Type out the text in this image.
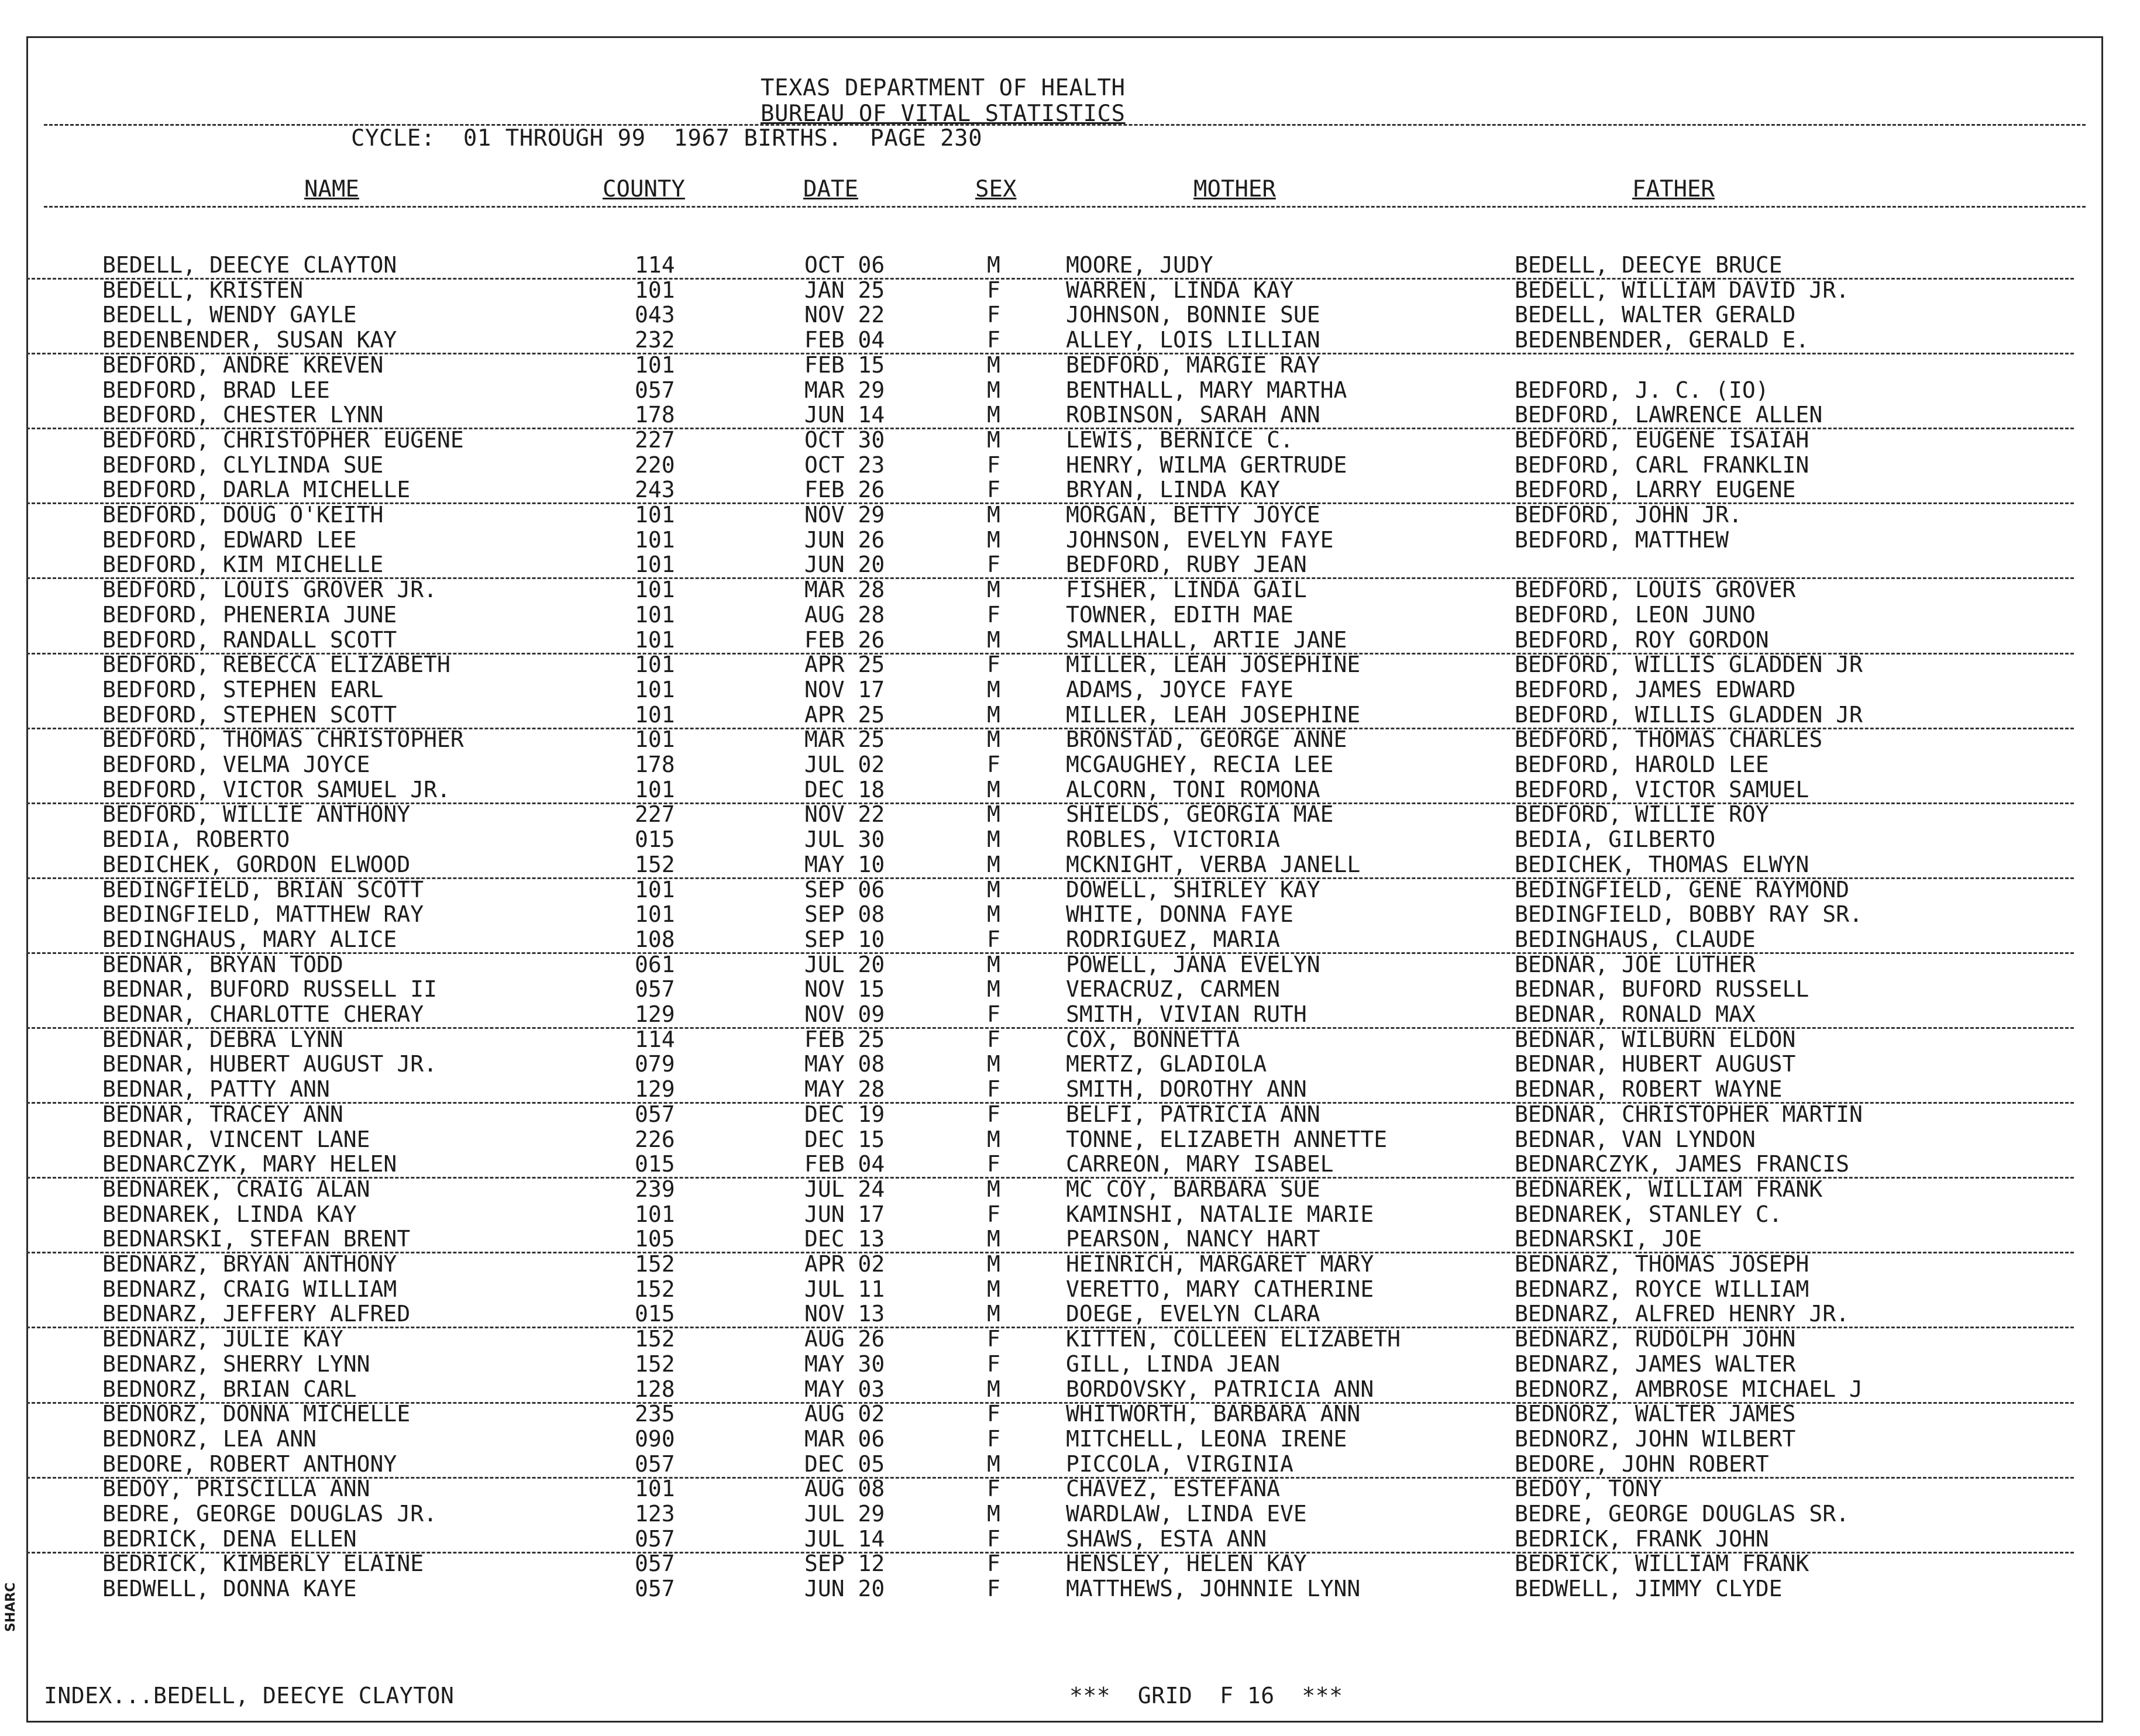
TEXAS DEPARTMENT OF HEALTH
BUREAU OF VITAL STATISTICS
CYCLE:  01 THROUGH 99  1967 BIRTHS.  PAGE 230
NAME	COUNTY	DATE	SEX	MOTHER	FATHER
BEDELL, DEECYE CLAYTON	114	OCT 06	M	MOORE, JUDY	BEDELL, DEECYE BRUCE
BEDELL, KRISTEN	101	JAN 25	F	WARREN, LINDA KAY	BEDELL, WILLIAM DAVID JR.
BEDELL, WENDY GAYLE	043	NOV 22	F	JOHNSON, BONNIE SUE	BEDELL, WALTER GERALD
BEDENBENDER, SUSAN KAY	232	FEB 04	F	ALLEY, LOIS LILLIAN	BEDENBENDER, GERALD E.
BEDFORD, ANDRE KREVEN	101	FEB 15	M	BEDFORD, MARGIE RAY
BEDFORD, BRAD LEE	057	MAR 29	M	BENTHALL, MARY MARTHA	BEDFORD, J. C. (IO)
BEDFORD, CHESTER LYNN	178	JUN 14	M	ROBINSON, SARAH ANN	BEDFORD, LAWRENCE ALLEN
BEDFORD, CHRISTOPHER EUGENE	227	OCT 30	M	LEWIS, BERNICE C.	BEDFORD, EUGENE ISAIAH
BEDFORD, CLYLINDA SUE	220	OCT 23	F	HENRY, WILMA GERTRUDE	BEDFORD, CARL FRANKLIN
BEDFORD, DARLA MICHELLE	243	FEB 26	F	BRYAN, LINDA KAY	BEDFORD, LARRY EUGENE
BEDFORD, DOUG O'KEITH	101	NOV 29	M	MORGAN, BETTY JOYCE	BEDFORD, JOHN JR.
BEDFORD, EDWARD LEE	101	JUN 26	M	JOHNSON, EVELYN FAYE	BEDFORD, MATTHEW
BEDFORD, KIM MICHELLE	101	JUN 20	F	BEDFORD, RUBY JEAN
BEDFORD, LOUIS GROVER JR.	101	MAR 28	M	FISHER, LINDA GAIL	BEDFORD, LOUIS GROVER
BEDFORD, PHENERIA JUNE	101	AUG 28	F	TOWNER, EDITH MAE	BEDFORD, LEON JUNO
BEDFORD, RANDALL SCOTT	101	FEB 26	M	SMALLHALL, ARTIE JANE	BEDFORD, ROY GORDON
BEDFORD, REBECCA ELIZABETH	101	APR 25	F	MILLER, LEAH JOSEPHINE	BEDFORD, WILLIS GLADDEN JR
BEDFORD, STEPHEN EARL	101	NOV 17	M	ADAMS, JOYCE FAYE	BEDFORD, JAMES EDWARD
BEDFORD, STEPHEN SCOTT	101	APR 25	M	MILLER, LEAH JOSEPHINE	BEDFORD, WILLIS GLADDEN JR
BEDFORD, THOMAS CHRISTOPHER	101	MAR 25	M	BRONSTAD, GEORGE ANNE	BEDFORD, THOMAS CHARLES
BEDFORD, VELMA JOYCE	178	JUL 02	F	MCGAUGHEY, RECIA LEE	BEDFORD, HAROLD LEE
BEDFORD, VICTOR SAMUEL JR.	101	DEC 18	M	ALCORN, TONI ROMONA	BEDFORD, VICTOR SAMUEL
BEDFORD, WILLIE ANTHONY	227	NOV 22	M	SHIELDS, GEORGIA MAE	BEDFORD, WILLIE ROY
BEDIA, ROBERTO	015	JUL 30	M	ROBLES, VICTORIA	BEDIA, GILBERTO
BEDICHEK, GORDON ELWOOD	152	MAY 10	M	MCKNIGHT, VERBA JANELL	BEDICHEK, THOMAS ELWYN
BEDINGFIELD, BRIAN SCOTT	101	SEP 06	M	DOWELL, SHIRLEY KAY	BEDINGFIELD, GENE RAYMOND
BEDINGFIELD, MATTHEW RAY	101	SEP 08	M	WHITE, DONNA FAYE	BEDINGFIELD, BOBBY RAY SR.
BEDINGHAUS, MARY ALICE	108	SEP 10	F	RODRIGUEZ, MARIA	BEDINGHAUS, CLAUDE
BEDNAR, BRYAN TODD	061	JUL 20	M	POWELL, JANA EVELYN	BEDNAR, JOE LUTHER
BEDNAR, BUFORD RUSSELL II	057	NOV 15	M	VERACRUZ, CARMEN	BEDNAR, BUFORD RUSSELL
BEDNAR, CHARLOTTE CHERAY	129	NOV 09	F	SMITH, VIVIAN RUTH	BEDNAR, RONALD MAX
BEDNAR, DEBRA LYNN	114	FEB 25	F	COX, BONNETTA	BEDNAR, WILBURN ELDON
BEDNAR, HUBERT AUGUST JR.	079	MAY 08	M	MERTZ, GLADIOLA	BEDNAR, HUBERT AUGUST
BEDNAR, PATTY ANN	129	MAY 28	F	SMITH, DOROTHY ANN	BEDNAR, ROBERT WAYNE
BEDNAR, TRACEY ANN	057	DEC 19	F	BELFI, PATRICIA ANN	BEDNAR, CHRISTOPHER MARTIN
BEDNAR, VINCENT LANE	226	DEC 15	M	TONNE, ELIZABETH ANNETTE	BEDNAR, VAN LYNDON
BEDNARCZYK, MARY HELEN	015	FEB 04	F	CARREON, MARY ISABEL	BEDNARCZYK, JAMES FRANCIS
BEDNAREK, CRAIG ALAN	239	JUL 24	M	MC COY, BARBARA SUE	BEDNAREK, WILLIAM FRANK
BEDNAREK, LINDA KAY	101	JUN 17	F	KAMINSHI, NATALIE MARIE	BEDNAREK, STANLEY C.
BEDNARSKI, STEFAN BRENT	105	DEC 13	M	PEARSON, NANCY HART	BEDNARSKI, JOE
BEDNARZ, BRYAN ANTHONY	152	APR 02	M	HEINRICH, MARGARET MARY	BEDNARZ, THOMAS JOSEPH
BEDNARZ, CRAIG WILLIAM	152	JUL 11	M	VERETTO, MARY CATHERINE	BEDNARZ, ROYCE WILLIAM
BEDNARZ, JEFFERY ALFRED	015	NOV 13	M	DOEGE, EVELYN CLARA	BEDNARZ, ALFRED HENRY JR.
BEDNARZ, JULIE KAY	152	AUG 26	F	KITTEN, COLLEEN ELIZABETH	BEDNARZ, RUDOLPH JOHN
BEDNARZ, SHERRY LYNN	152	MAY 30	F	GILL, LINDA JEAN	BEDNARZ, JAMES WALTER
BEDNORZ, BRIAN CARL	128	MAY 03	M	BORDOVSKY, PATRICIA ANN	BEDNORZ, AMBROSE MICHAEL J
BEDNORZ, DONNA MICHELLE	235	AUG 02	F	WHITWORTH, BARBARA ANN	BEDNORZ, WALTER JAMES
BEDNORZ, LEA ANN	090	MAR 06	F	MITCHELL, LEONA IRENE	BEDNORZ, JOHN WILBERT
BEDORE, ROBERT ANTHONY	057	DEC 05	M	PICCOLA, VIRGINIA	BEDORE, JOHN ROBERT
BEDOY, PRISCILLA ANN	101	AUG 08	F	CHAVEZ, ESTEFANA	BEDOY, TONY
BEDRE, GEORGE DOUGLAS JR.	123	JUL 29	M	WARDLAW, LINDA EVE	BEDRE, GEORGE DOUGLAS SR.
BEDRICK, DENA ELLEN	057	JUL 14	F	SHAWS, ESTA ANN	BEDRICK, FRANK JOHN
BEDRICK, KIMBERLY ELAINE	057	SEP 12	F	HENSLEY, HELEN KAY	BEDRICK, WILLIAM FRANK
BEDWELL, DONNA KAYE	057	JUN 20	F	MATTHEWS, JOHNNIE LYNN	BEDWELL, JIMMY CLYDE
INDEX...BEDELL, DEECYE CLAYTON	***  GRID  F 16  ***
SHARC
